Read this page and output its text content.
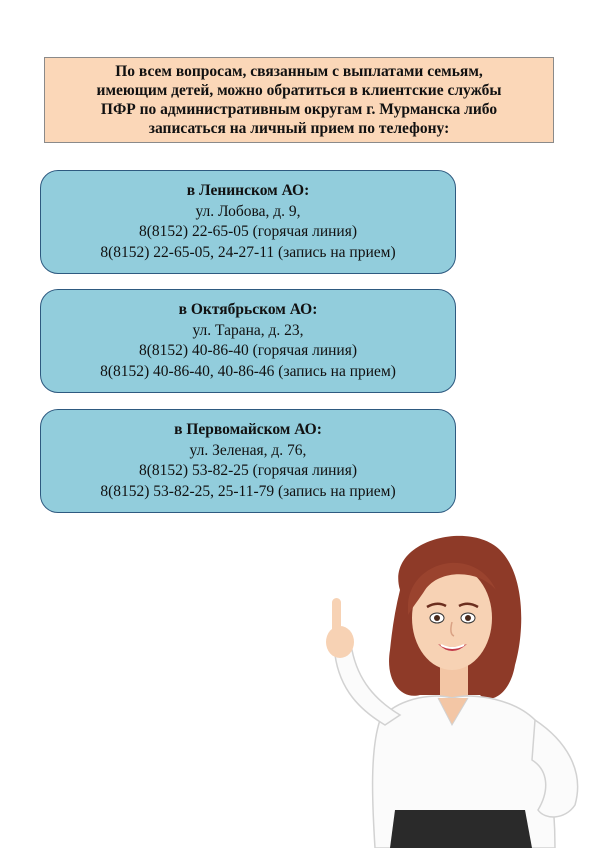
По всем вопросам, связанным с выплатами семьям,
имеющим детей, можно обратиться в клиентские службы
ПФР по административным округам г. Мурманска либо
записаться на личный прием по телефону:
в Ленинском АО:
ул. Лобова, д. 9,
8(8152) 22-65-05 (горячая линия)
8(8152) 22-65-05, 24-27-11 (запись на прием)
в Октябрьском АО:
ул. Тарана, д. 23,
8(8152) 40-86-40 (горячая линия)
8(8152) 40-86-40, 40-86-46 (запись на прием)
в Первомайском АО:
ул. Зеленая, д. 76,
8(8152) 53-82-25 (горячая линия)
8(8152) 53-82-25, 25-11-79 (запись на прием)
